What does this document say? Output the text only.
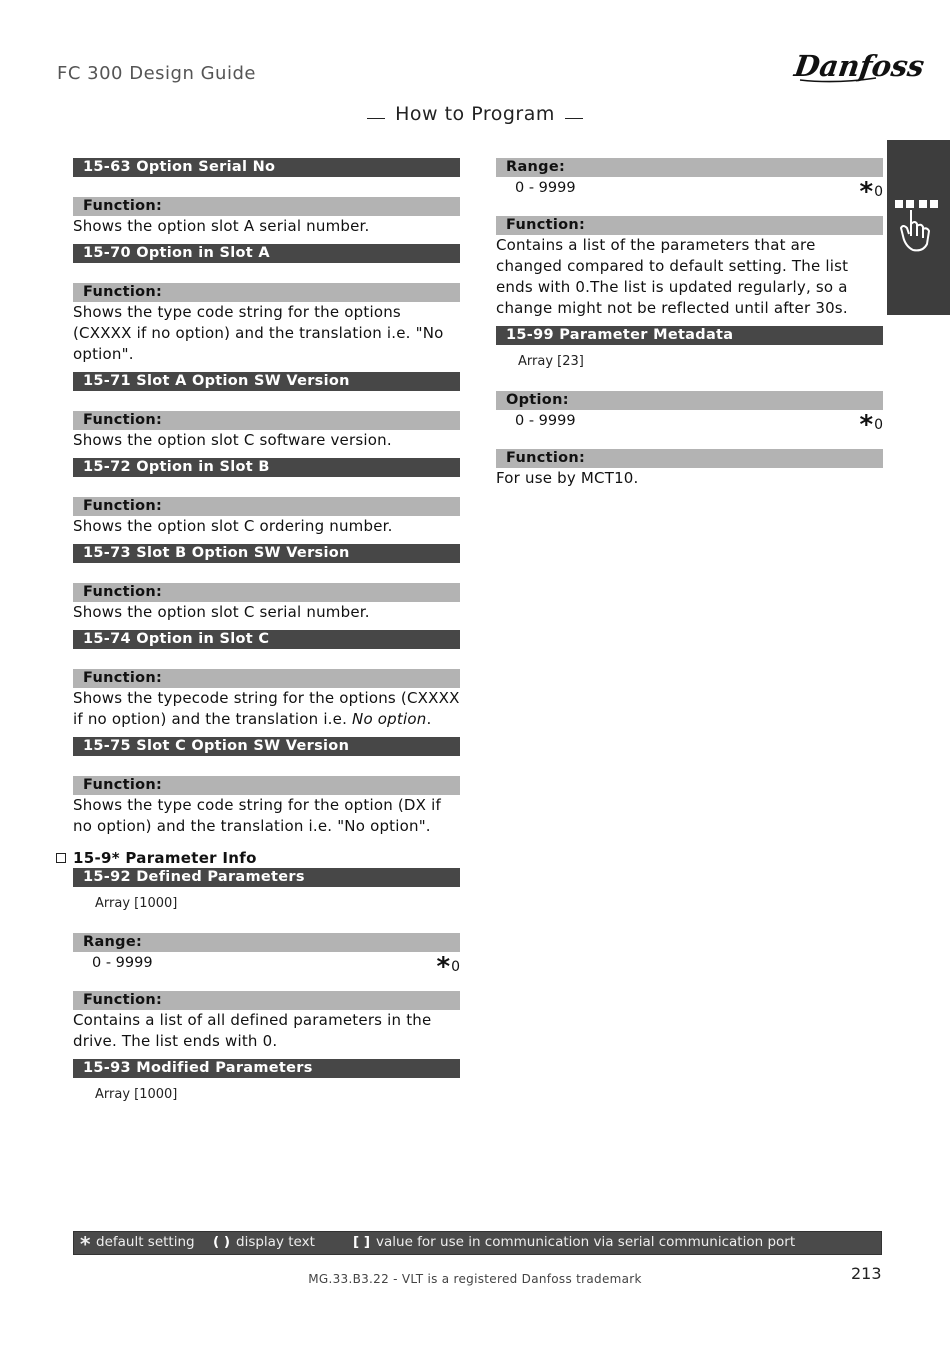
FC 300 Design Guide	Danfoss
How to Program
15-63 Option Serial No
Function:
Shows the option slot A serial number.
15-70 Option in Slot A
Function:
Shows the type code string for the options (CXXXX if no option) and the translation i.e. "No option".
15-71 Slot A Option SW Version
Function:
Shows the option slot C software version.
15-72 Option in Slot B
Function:
Shows the option slot C ordering number.
15-73 Slot B Option SW Version
Function:
Shows the option slot C serial number.
15-74 Option in Slot C
Function:
Shows the typecode string for the options (CXXXX if no option) and the translation i.e. No option.
15-75 Slot C Option SW Version
Function:
Shows the type code string for the option (DX if no option) and the translation i.e. "No option".
15-9* Parameter Info
15-92 Defined Parameters
Array [1000]
Range:
0 - 9999	*0
Function:
Contains a list of all defined parameters in the drive. The list ends with 0.
15-93 Modified Parameters
Array [1000]
Range:
0 - 9999	*0
Function:
Contains a list of the parameters that are changed compared to default setting. The list ends with 0.The list is updated regularly, so a change might not be reflected until after 30s.
15-99 Parameter Metadata
Array [23]
Option:
0 - 9999	*0
Function:
For use by MCT10.
* default setting ( ) display text	[ ] value for use in communication via serial communication port
MG.33.B3.22 - VLT is a registered Danfoss trademark	213
